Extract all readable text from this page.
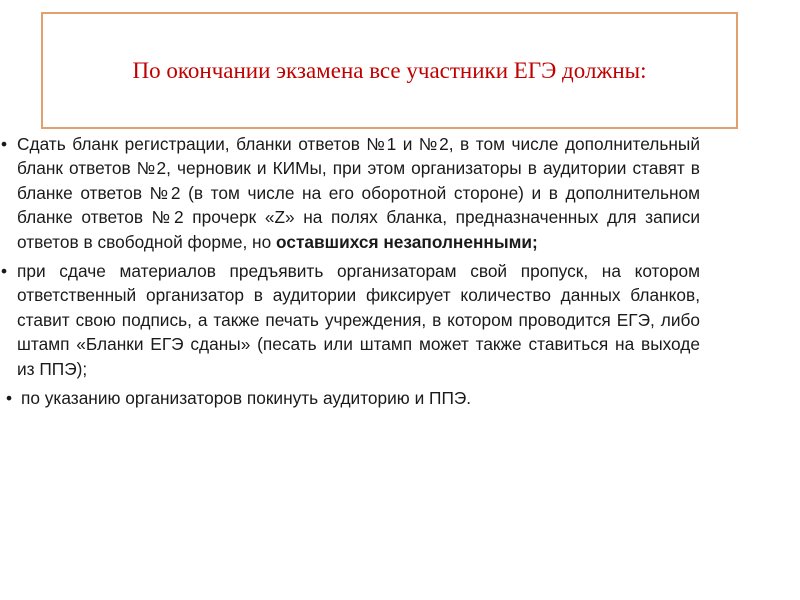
По окончании экзамена все участники ЕГЭ должны:
• Сдать бланк регистрации, бланки ответов №1 и №2, в том числе дополнительный бланк ответов №2, черновик и КИМы, при этом организаторы в аудитории ставят в бланке ответов №2 (в том числе на его оборотной стороне) и в дополнительном бланке ответов №2 прочерк «Z» на полях бланка, предназначенных для записи ответов в свободной форме, но оставшихся незаполненными;
• при сдаче материалов предъявить организаторам свой пропуск, на котором ответственный организатор в аудитории фиксирует количество данных бланков, ставит свою подпись, а также печать учреждения, в котором проводится ЕГЭ, либо штамп «Бланки ЕГЭ сданы» (песать или штамп может также ставиться на выходе из ППЭ);
• по указанию организаторов покинуть аудиторию и ППЭ.
